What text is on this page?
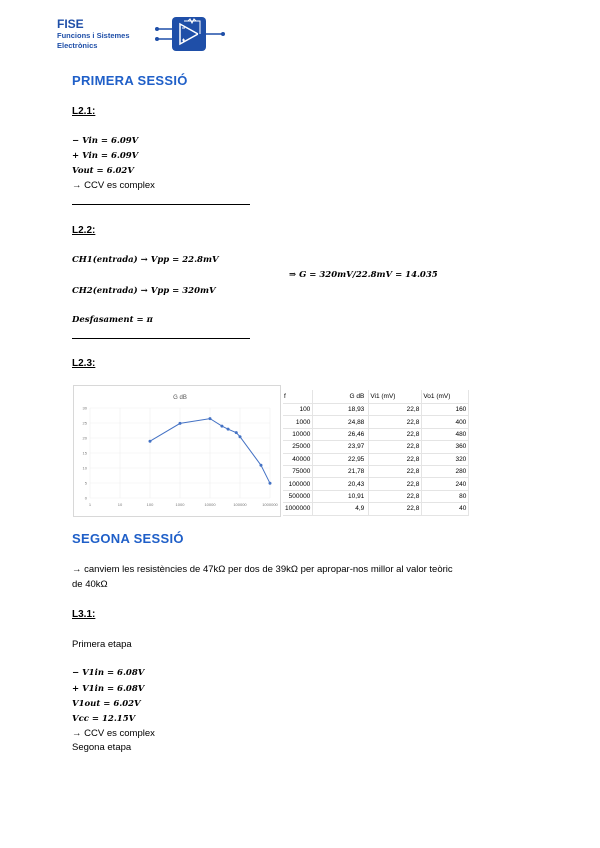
FISE
Funcions i Sistemes
Electrònics
PRIMERA SESSIÓ
L2.1:
− Vin = 6.09V
+ Vin = 6.09V
Vout = 6.02V
→ CCV es complex
L2.2:
CH1(entrada) → Vpp = 22.8mV
⇒ G = 320mV/22.8mV = 14.035
CH2(entrada) → Vpp = 320mV
Desfasament = π
L2.3:
G dB
0
5
10
15
20
25
30
1	10	100	1000	10000	100000	1000000
f	G dB	Vi1 (mV)	Vo1 (mV)
100	18,93	22,8	160
1000	24,88	22,8	400
10000	26,46	22,8	480
25000	23,97	22,8	360
40000	22,95	22,8	320
75000	21,78	22,8	280
100000	20,43	22,8	240
500000	10,91	22,8	80
1000000	4,9	22,8	40
SEGONA SESSIÓ
→ canviem les resistències de 47kΩ per dos de 39kΩ per apropar-nos millor al valor teòric
de 40kΩ
L3.1:
Primera etapa
− V1in = 6.08V
+ V1in = 6.08V
V1out = 6.02V
Vcc = 12.15V
→ CCV es complex
Segona etapa
